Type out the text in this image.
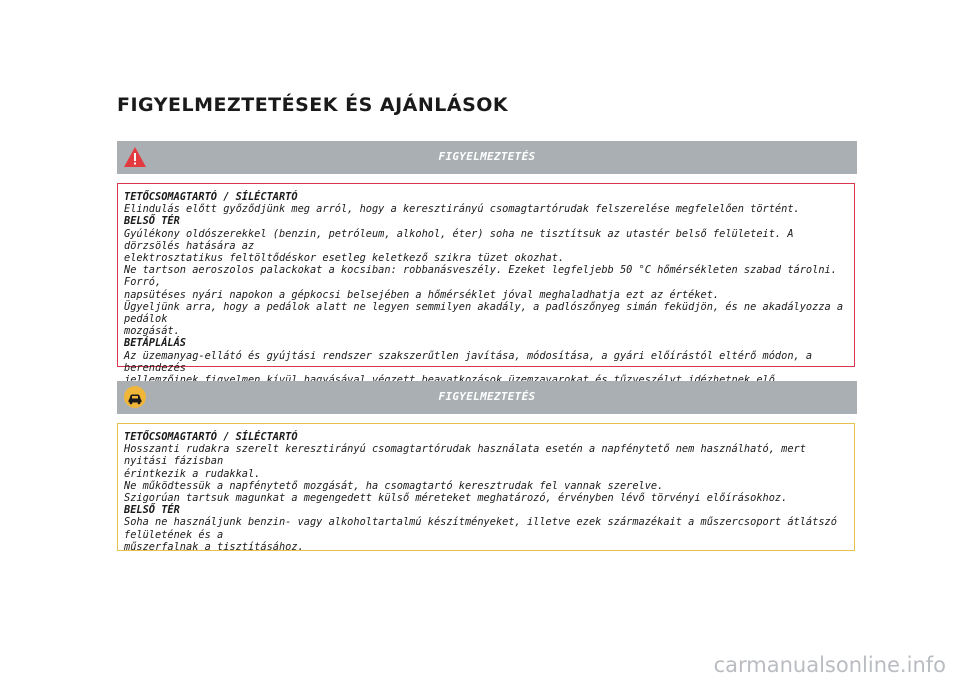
FIGYELMEZTETÉSEK ÉS AJÁNLÁSOK
FIGYELMEZTETÉS
TETŐCSOMAGTARTÓ / SÍLÉCTARTÓ
Elindulás előtt győződjünk meg arról, hogy a keresztirányú csomagtartórudak felszerelése megfelelően történt.
BELSŐ TÉR
Gyúlékony oldószerekkel (benzin, petróleum, alkohol, éter) soha ne tisztítsuk az utastér belső felületeit. A dörzsölés hatására az
elektrosztatikus feltöltődéskor esetleg keletkező szikra tüzet okozhat.
Ne tartson aeroszolos palackokat a kocsiban: robbanásveszély. Ezeket legfeljebb 50 °C hőmérsékleten szabad tárolni. Forró,
napsütéses nyári napokon a gépkocsi belsejében a hőmérséklet jóval meghaladhatja ezt az értéket.
Ügyeljünk arra, hogy a pedálok alatt ne legyen semmilyen akadály, a padlószőnyeg simán feküdjön, és ne akadályozza a pedálok
mozgását.
BETÁPLÁLÁS
Az üzemanyag-ellátó és gyújtási rendszer szakszerűtlen javítása, módosítása, a gyári előírástól eltérő módon, a berendezés
FIGYELMEZTETÉS
TETŐCSOMAGTARTÓ / SÍLÉCTARTÓ
Hosszanti rudakra szerelt keresztirányú csomagtartórudak használata esetén a napfénytető nem használható, mert nyitási fázisban
érintkezik a rudakkal.
Ne működtessük a napfénytető mozgását, ha csomagtartó keresztrudak fel vannak szerelve.
Szigorúan tartsuk magunkat a megengedett külső méreteket meghatározó, érvényben lévő törvényi előírásokhoz.
BELSŐ TÉR
Soha ne használjunk benzin- vagy alkoholtartalmú készítményeket, illetve ezek származékait a műszercsoport átlátszó felületének és a
műszerfalnak a tisztításához.
carmanualsonline.info
